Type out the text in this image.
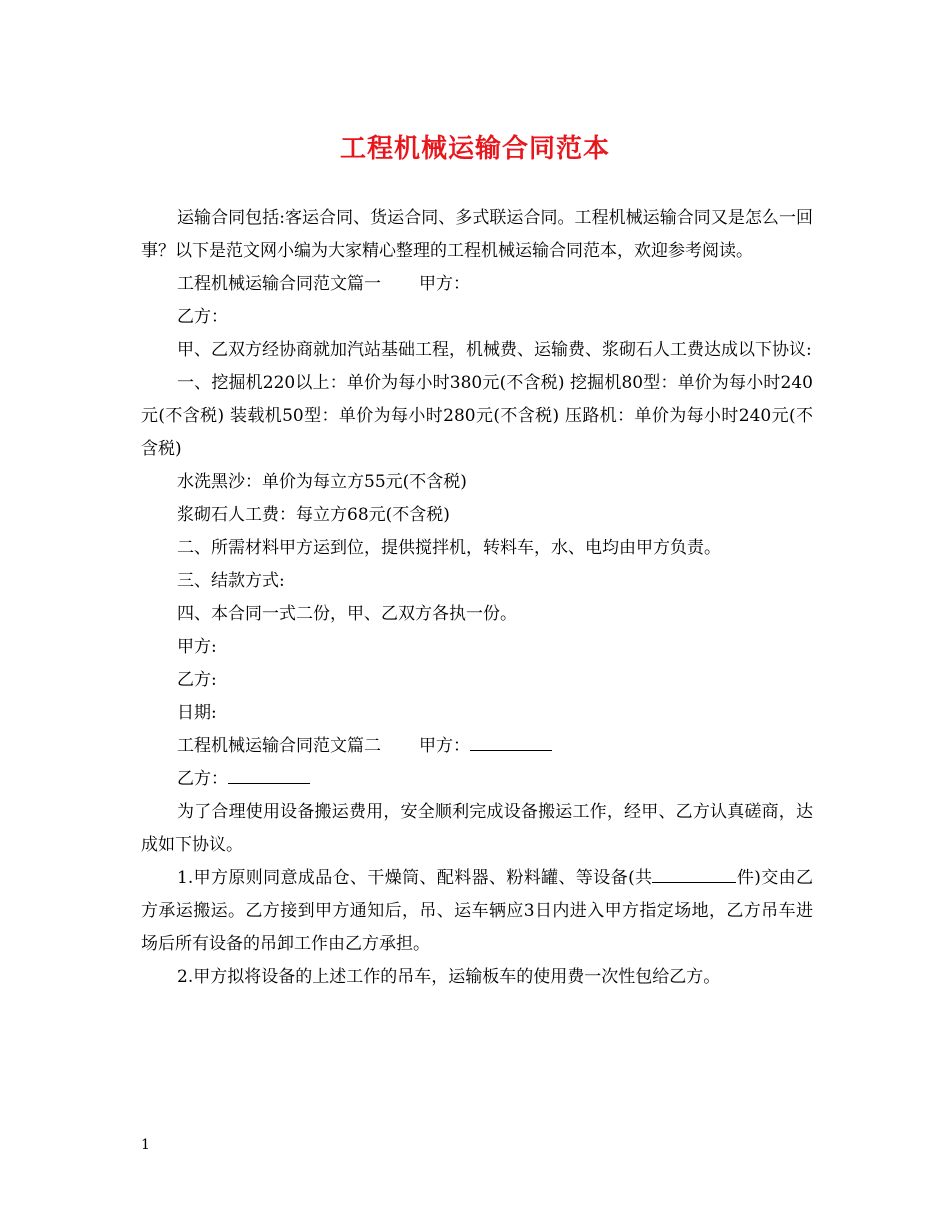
工程机械运输合同范本

运输合同包括:客运合同、货运合同、多式联运合同。工程机械运输合同又是怎么一回事？以下是范文网小编为大家精心整理的工程机械运输合同范本，欢迎参考阅读。

工程机械运输合同范文篇一 甲方：

乙方：

甲、乙双方经协商就加汽站基础工程，机械费、运输费、浆砌石人工费达成以下协议:

一、挖掘机220以上：单价为每小时380元(不含税) 挖掘机80型：单价为每小时240元(不含税) 装载机50型：单价为每小时280元(不含税) 压路机：单价为每小时240元(不含税)

水洗黑沙：单价为每立方55元(不含税)

浆砌石人工费：每立方68元(不含税)

二、所需材料甲方运到位，提供搅拌机，转料车，水、电均由甲方负责。

三、结款方式:

四、本合同一式二份，甲、乙双方各执一份。

甲方:

乙方:

日期:

工程机械运输合同范文篇二 甲方：

乙方：

为了合理使用设备搬运费用，安全顺利完成设备搬运工作，经甲、乙方认真磋商，达成如下协议。

1.甲方原则同意成品仓、干燥筒、配料器、粉料罐、等设备(共	件)交由乙方承运搬运。乙方接到甲方通知后，吊、运车辆应3日内进入甲方指定场地，乙方吊车进场后所有设备的吊卸工作由乙方承担。

2.甲方拟将设备的上述工作的吊车，运输板车的使用费一次性包给乙方。

1
